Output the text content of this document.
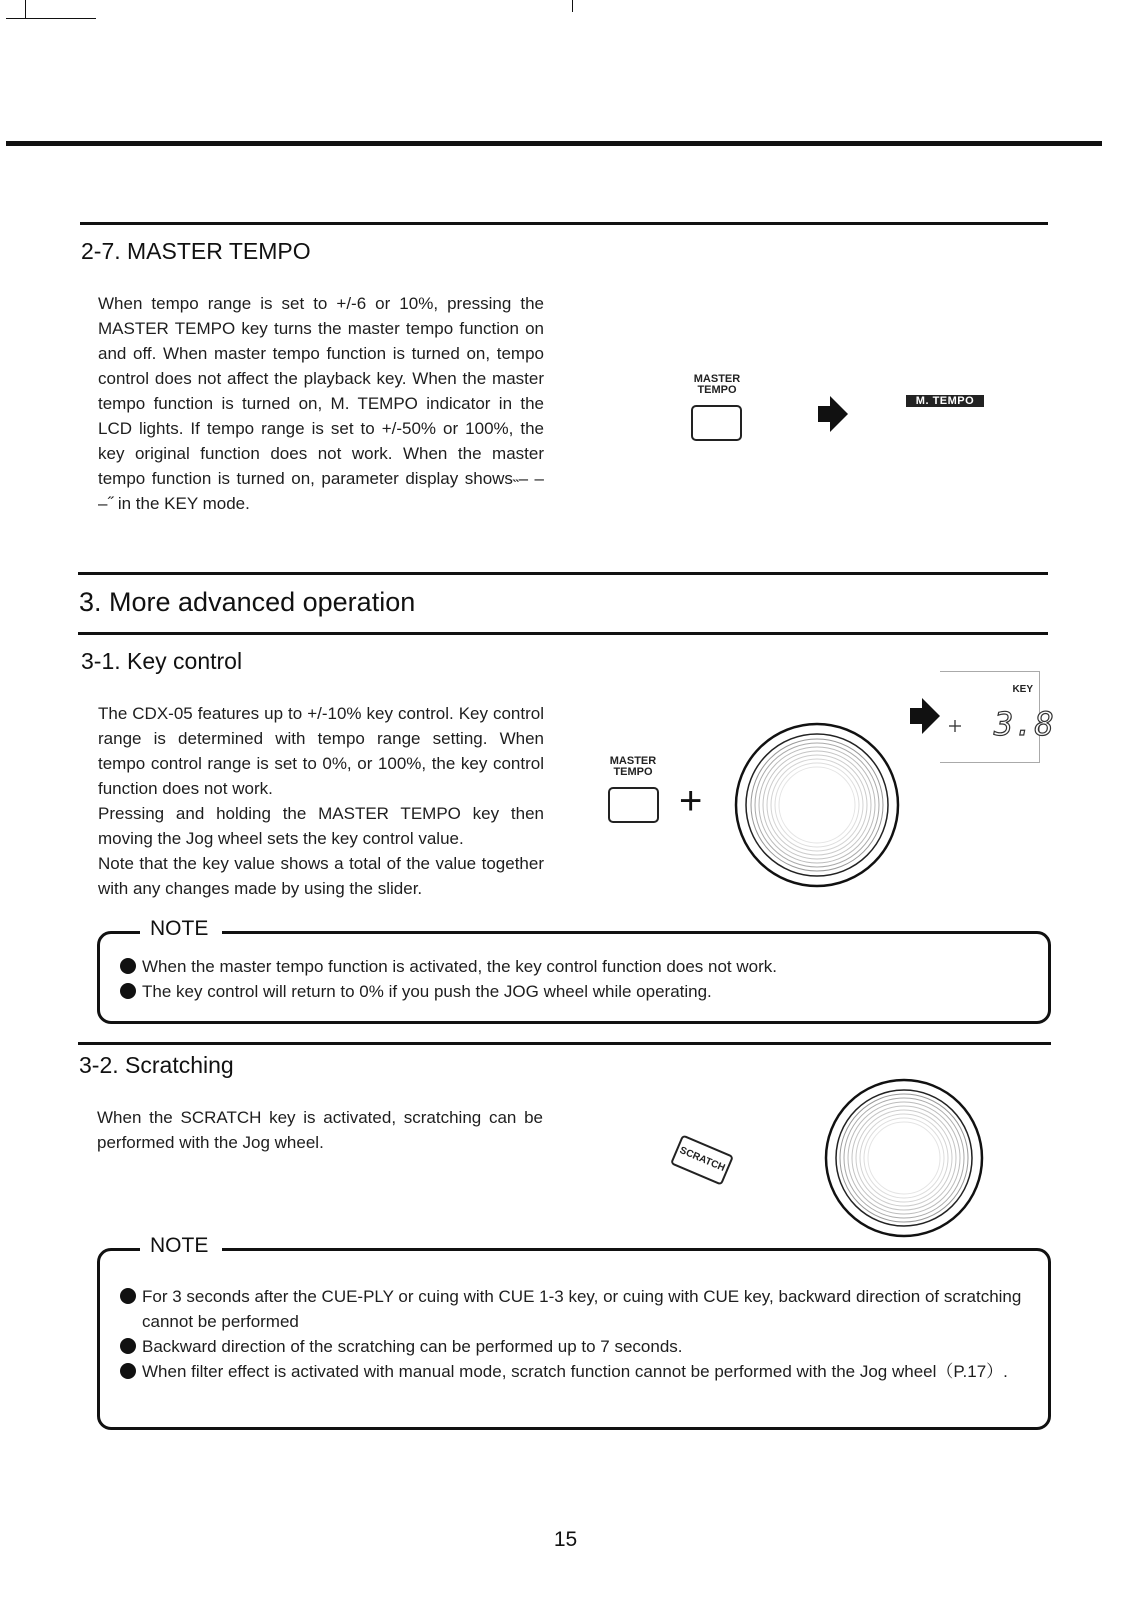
2-7. MASTER TEMPO

When tempo range is set to +/-6 or 10%, pressing the MASTER TEMPO key turns the master tempo function on and off. When master tempo function is turned on, tempo control does not affect the playback key. When the master tempo function is turned on, M. TEMPO indicator in the LCD lights. If tempo range is set to +/-50% or 100%, the key original function does not work. When the master tempo function is turned on, parameter display shows˵– – –˝ in the KEY mode.

MASTER
TEMPO
M. TEMPO
3. More advanced operation
3-1. Key control

The CDX-05 features up to +/-10% key control. Key control range is determined with tempo range setting. When tempo control range is set to 0%, or 100%, the key control function does not work.

Pressing and holding the MASTER TEMPO key then moving the Jog wheel sets the key control value.

Note that the key value shows a total of the value together with any changes made by using the slider.

MASTER
TEMPO
+
KEY
3.8
NOTE
When the master tempo function is activated, the key control function does not work.
The key control will return to 0% if you push the JOG wheel while operating.
3-2. Scratching

When the SCRATCH key is activated, scratching can be performed with the Jog wheel.

SCRATCH
NOTE
For 3 seconds after the CUE-PLY or cuing with CUE 1-3 key, or cuing with CUE key, backward direction of scratching cannot be performed
Backward direction of the scratching can be performed up to 7 seconds.
When filter effect is activated with manual mode, scratch function cannot be performed with the Jog wheel（P.17）.
15
